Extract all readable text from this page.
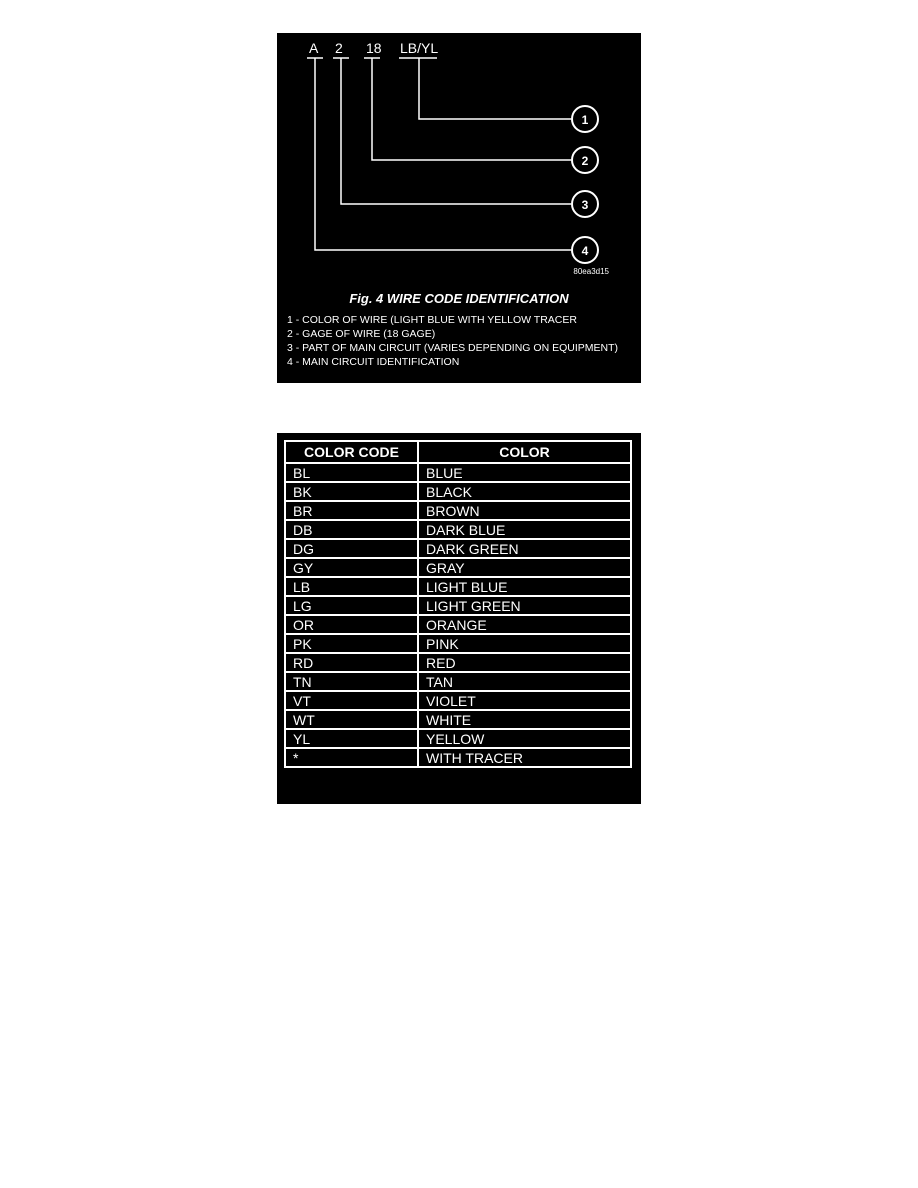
A 2 18 LB/YL
1
2
3
4
80ea3d15

Fig. 4 WIRE CODE IDENTIFICATION

1 - COLOR OF WIRE (LIGHT BLUE WITH YELLOW TRACER
2 - GAGE OF WIRE (18 GAGE)
3 - PART OF MAIN CIRCUIT (VARIES DEPENDING ON EQUIPMENT)
4 - MAIN CIRCUIT IDENTIFICATION
COLOR CODE	COLOR
BL	BLUE
BK	BLACK
BR	BROWN
DB	DARK BLUE
DG	DARK GREEN
GY	GRAY
LB	LIGHT BLUE
LG	LIGHT GREEN
OR	ORANGE
PK	PINK
RD	RED
TN	TAN
VT	VIOLET
WT	WHITE
YL	YELLOW
*	WITH TRACER
